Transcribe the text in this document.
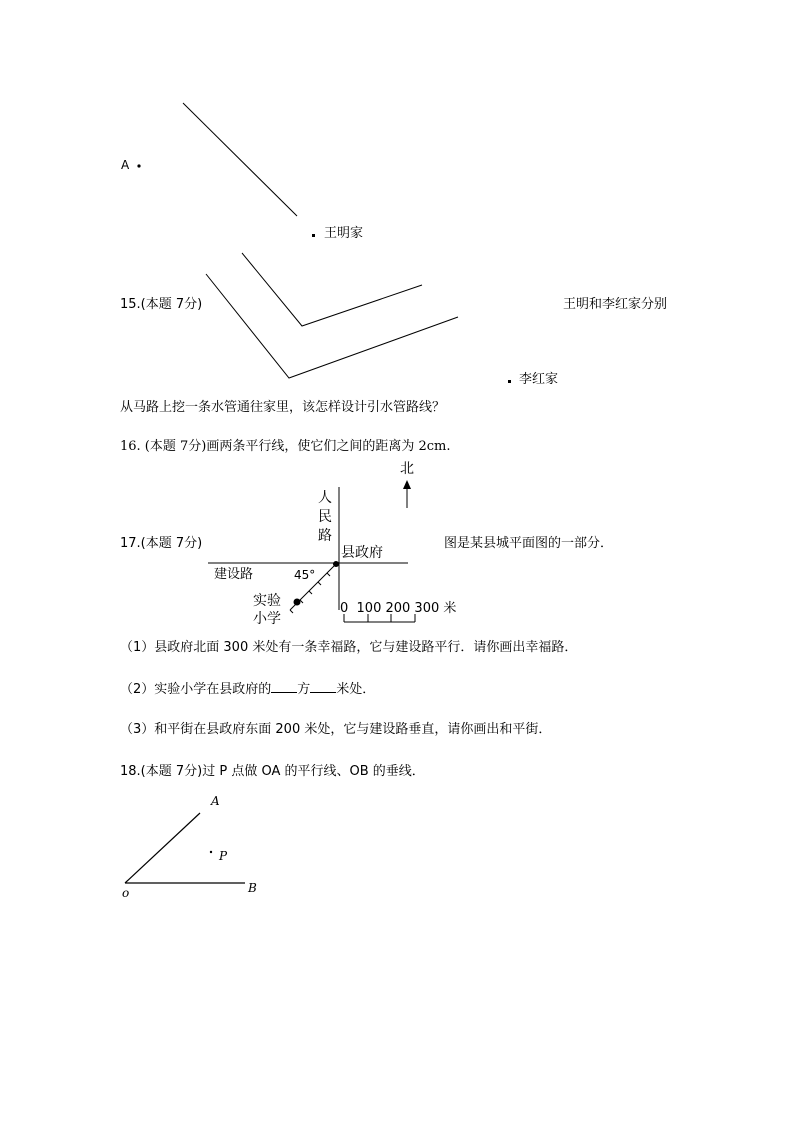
A
王明家
15.(本题 7分)	王明和李红家分别
李红家
从马路上挖一条水管通往家里，该怎样设计引水管路线？
16. (本题 7分)画两条平行线，使它们之间的距离为 2cm.
17.(本题 7分)	图是某县城平面图的一部分．
北
人
民
路
县政府
建设路	45°
实验
小学
0  100 200 300 米
（1）县政府北面 300 米处有一条幸福路，它与建设路平行．请你画出幸福路．
（2）实验小学在县政府的 方 米处．
（3）和平街在县政府东面 200 米处，它与建设路垂直，请你画出和平街．
18.(本题 7分)过 P 点做 OA 的平行线、OB 的垂线．
A
P
o	B
